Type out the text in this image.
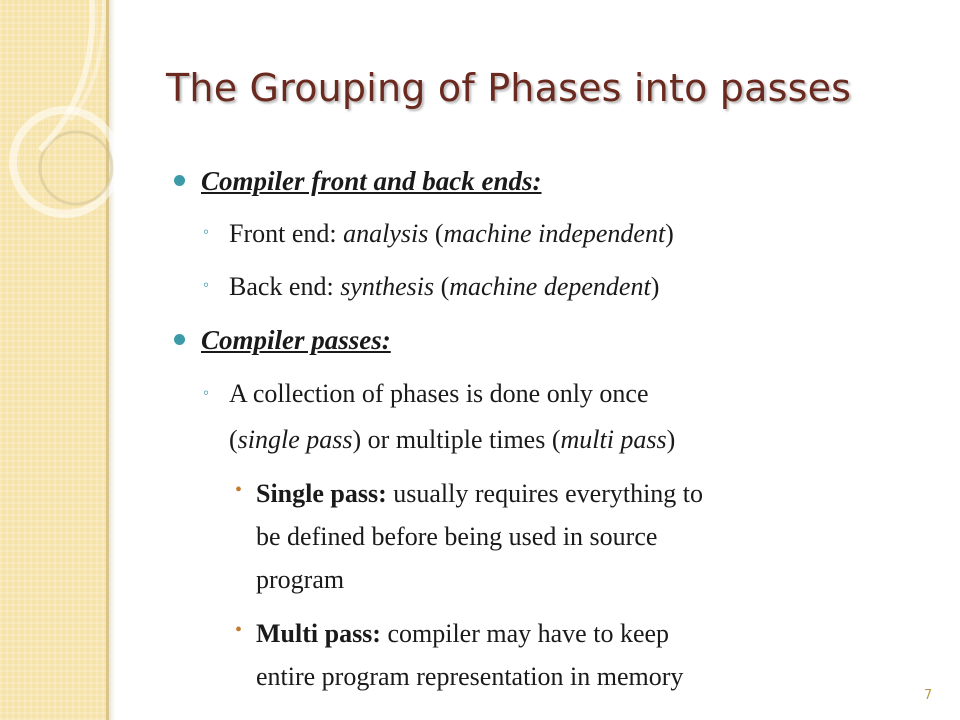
The Grouping of Phases into passes
Compiler front and back ends:
◦ Front end: analysis (machine independent)
◦ Back end: synthesis (machine dependent)
Compiler passes:
◦ A collection of phases is done only once
(single pass) or multiple times (multi pass)
• Single pass: usually requires everything to
be defined before being used in source
program
• Multi pass: compiler may have to keep
entire program representation in memory
7
